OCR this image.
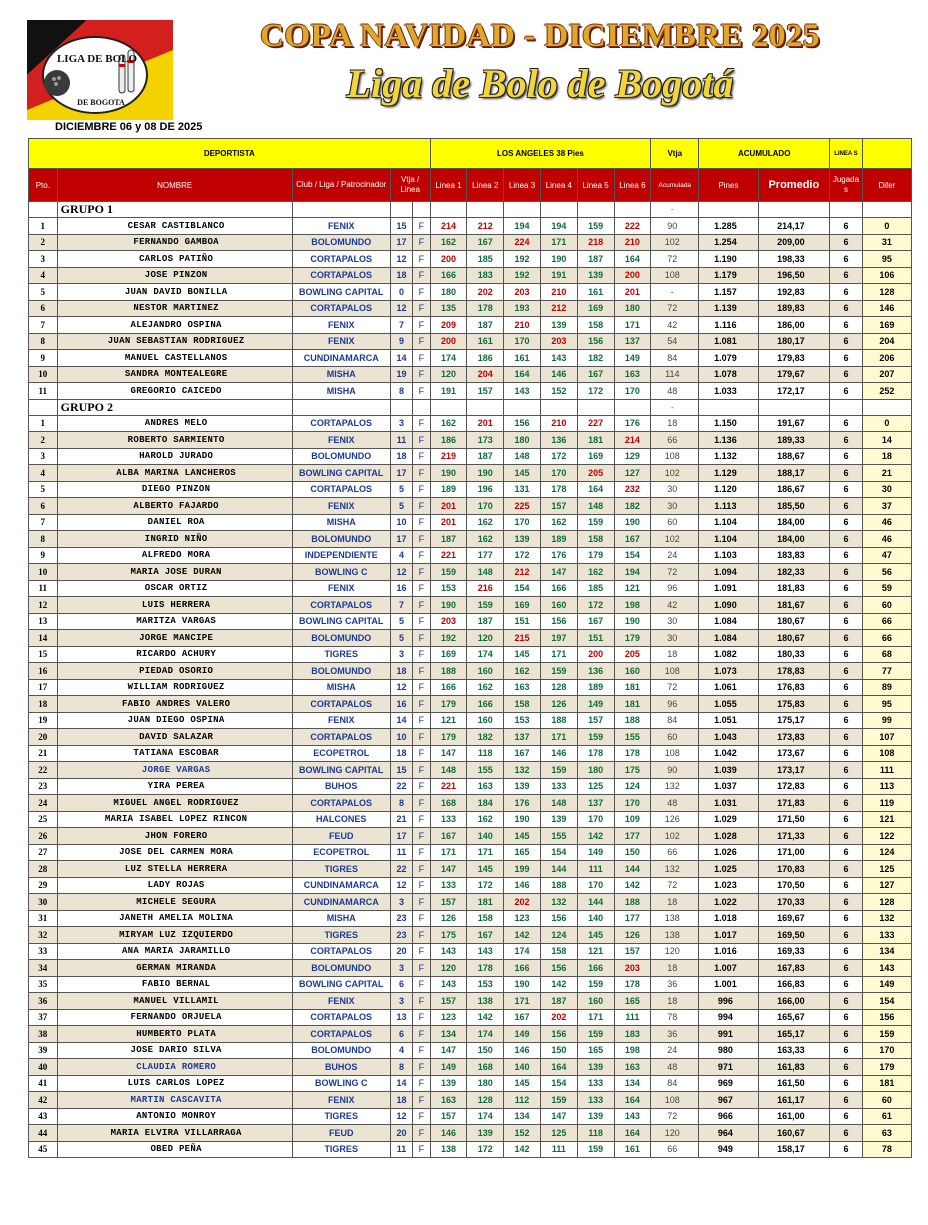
LIGA DE BOLO
DE BOGOTA
COPA NAVIDAD - DICIEMBRE 2025
Liga de Bolo de Bogotá
DICIEMBRE 06 y 08 DE 2025
DEPORTISTA					LOS ANGELES 38 Pies						Vtja	ACUMULADO		LINEA S	
Pto.	NOMBRE	Club / Liga / Patrocinador	Vtja / Linea		Linea 1	Linea 2	Linea 3	Linea 4	Linea 5	Linea 6	Acumulada	Pines	Promedio	Jugada s	Difer
	GRUPO 1										-				
1	CESAR CASTIBLANCO	FENIX	15	F	214	212	194	194	159	222	90	1.285	214,17	6	0
2	FERNANDO GAMBOA	BOLOMUNDO	17	F	162	167	224	171	218	210	102	1.254	209,00	6	31
3	CARLOS PATIÑO	CORTAPALOS	12	F	200	185	192	190	187	164	72	1.190	198,33	6	95
4	JOSE PINZON	CORTAPALOS	18	F	166	183	192	191	139	200	108	1.179	196,50	6	106
5	JUAN DAVID BONILLA	BOWLING CAPITAL	0	F	180	202	203	210	161	201	-	1.157	192,83	6	128
6	NESTOR MARTINEZ	CORTAPALOS	12	F	135	178	193	212	169	180	72	1.139	189,83	6	146
7	ALEJANDRO OSPINA	FENIX	7	F	209	187	210	139	158	171	42	1.116	186,00	6	169
8	JUAN SEBASTIAN RODRIGUEZ	FENIX	9	F	200	161	170	203	156	137	54	1.081	180,17	6	204
9	MANUEL CASTELLANOS	CUNDINAMARCA	14	F	174	186	161	143	182	149	84	1.079	179,83	6	206
10	SANDRA MONTEALEGRE	MISHA	19	F	120	204	164	146	167	163	114	1.078	179,67	6	207
11	GREGORIO CAICEDO	MISHA	8	F	191	157	143	152	172	170	48	1.033	172,17	6	252
	GRUPO 2										-				
1	ANDRES MELO	CORTAPALOS	3	F	162	201	156	210	227	176	18	1.150	191,67	6	0
2	ROBERTO SARMIENTO	FENIX	11	F	186	173	180	136	181	214	66	1.136	189,33	6	14
3	HAROLD JURADO	BOLOMUNDO	18	F	219	187	148	172	169	129	108	1.132	188,67	6	18
4	ALBA MARINA LANCHEROS	BOWLING CAPITAL	17	F	190	190	145	170	205	127	102	1.129	188,17	6	21
5	DIEGO PINZON	CORTAPALOS	5	F	189	196	131	178	164	232	30	1.120	186,67	6	30
6	ALBERTO FAJARDO	FENIX	5	F	201	170	225	157	148	182	30	1.113	185,50	6	37
7	DANIEL ROA	MISHA	10	F	201	162	170	162	159	190	60	1.104	184,00	6	46
8	INGRID NIÑO	BOLOMUNDO	17	F	187	162	139	189	158	167	102	1.104	184,00	6	46
9	ALFREDO MORA	INDEPENDIENTE	4	F	221	177	172	176	179	154	24	1.103	183,83	6	47
10	MARIA JOSE DURAN	BOWLING C	12	F	159	148	212	147	162	194	72	1.094	182,33	6	56
11	OSCAR ORTIZ	FENIX	16	F	153	216	154	166	185	121	96	1.091	181,83	6	59
12	LUIS HERRERA	CORTAPALOS	7	F	190	159	169	160	172	198	42	1.090	181,67	6	60
13	MARITZA VARGAS	BOWLING CAPITAL	5	F	203	187	151	156	167	190	30	1.084	180,67	6	66
14	JORGE MANCIPE	BOLOMUNDO	5	F	192	120	215	197	151	179	30	1.084	180,67	6	66
15	RICARDO ACHURY	TIGRES	3	F	169	174	145	171	200	205	18	1.082	180,33	6	68
16	PIEDAD OSORIO	BOLOMUNDO	18	F	188	160	162	159	136	160	108	1.073	178,83	6	77
17	WILLIAM RODRIGUEZ	MISHA	12	F	166	162	163	128	189	181	72	1.061	176,83	6	89
18	FABIO ANDRES VALERO	CORTAPALOS	16	F	179	166	158	126	149	181	96	1.055	175,83	6	95
19	JUAN DIEGO OSPINA	FENIX	14	F	121	160	153	188	157	188	84	1.051	175,17	6	99
20	DAVID SALAZAR	CORTAPALOS	10	F	179	182	137	171	159	155	60	1.043	173,83	6	107
21	TATIANA ESCOBAR	ECOPETROL	18	F	147	118	167	146	178	178	108	1.042	173,67	6	108
22	JORGE VARGAS	BOWLING CAPITAL	15	F	148	155	132	159	180	175	90	1.039	173,17	6	111
23	YIRA PEREA	BUHOS	22	F	221	163	139	133	125	124	132	1.037	172,83	6	113
24	MIGUEL ANGEL RODRIGUEZ	CORTAPALOS	8	F	168	184	176	148	137	170	48	1.031	171,83	6	119
25	MARIA ISABEL LOPEZ RINCON	HALCONES	21	F	133	162	190	139	170	109	126	1.029	171,50	6	121
26	JHON FORERO	FEUD	17	F	167	140	145	155	142	177	102	1.028	171,33	6	122
27	JOSE DEL CARMEN MORA	ECOPETROL	11	F	171	171	165	154	149	150	66	1.026	171,00	6	124
28	LUZ STELLA HERRERA	TIGRES	22	F	147	145	199	144	111	144	132	1.025	170,83	6	125
29	LADY ROJAS	CUNDINAMARCA	12	F	133	172	146	188	170	142	72	1.023	170,50	6	127
30	MICHELE SEGURA	CUNDINAMARCA	3	F	157	181	202	132	144	188	18	1.022	170,33	6	128
31	JANETH AMELIA MOLINA	MISHA	23	F	126	158	123	156	140	177	138	1.018	169,67	6	132
32	MIRYAM LUZ IZQUIERDO	TIGRES	23	F	175	167	142	124	145	126	138	1.017	169,50	6	133
33	ANA MARIA JARAMILLO	CORTAPALOS	20	F	143	143	174	158	121	157	120	1.016	169,33	6	134
34	GERMAN MIRANDA	BOLOMUNDO	3	F	120	178	166	156	166	203	18	1.007	167,83	6	143
35	FABIO BERNAL	BOWLING CAPITAL	6	F	143	153	190	142	159	178	36	1.001	166,83	6	149
36	MANUEL VILLAMIL	FENIX	3	F	157	138	171	187	160	165	18	996	166,00	6	154
37	FERNANDO ORJUELA	CORTAPALOS	13	F	123	142	167	202	171	111	78	994	165,67	6	156
38	HUMBERTO PLATA	CORTAPALOS	6	F	134	174	149	156	159	183	36	991	165,17	6	159
39	JOSE DARIO SILVA	BOLOMUNDO	4	F	147	150	146	150	165	198	24	980	163,33	6	170
40	CLAUDIA ROMERO	BUHOS	8	F	149	168	140	164	139	163	48	971	161,83	6	179
41	LUIS CARLOS LOPEZ	BOWLING C	14	F	139	180	145	154	133	134	84	969	161,50	6	181
42	MARTIN CASCAVITA	FENIX	18	F	163	128	112	159	133	164	108	967	161,17	6	60
43	ANTONIO MONROY	TIGRES	12	F	157	174	134	147	139	143	72	966	161,00	6	61
44	MARIA ELVIRA VILLARRAGA	FEUD	20	F	146	139	152	125	118	164	120	964	160,67	6	63
45	OBED PEÑA	TIGRES	11	F	138	172	142	111	159	161	66	949	158,17	6	78
